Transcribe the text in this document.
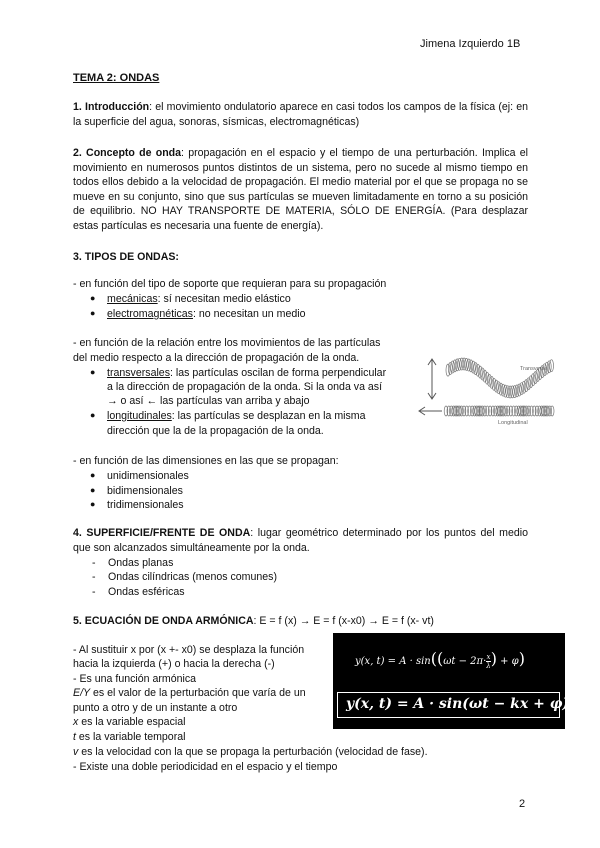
Jimena Izquierdo 1B
TEMA 2: ONDAS
1. Introducción: el movimiento ondulatorio aparece en casi todos los campos de la física (ej: en la superficie del agua, sonoras, sísmicas, electromagnéticas)
2. Concepto de onda: propagación en el espacio y el tiempo de una perturbación. Implica el movimiento en numerosos puntos distintos de un sistema, pero no sucede al mismo tiempo en todos ellos debido a la velocidad de propagación. El medio material por el que se propaga no se mueve en su conjunto, sino que sus partículas se mueven limitadamente en torno a su posición de equilibrio. NO HAY TRANSPORTE DE MATERIA, SÓLO DE ENERGÍA. (Para desplazar estas partículas es necesaria una fuente de energía).
3. TIPOS DE ONDAS:
- en función del tipo de soporte que requieran para su propagación
● mecánicas: sí necesitan medio elástico
● electromagnéticas: no necesitan un medio
- en función de la relación entre los movimientos de las partículas
del medio respecto a la dirección de propagación de la onda.
● transversales: las partículas oscilan de forma perpendicular
a la dirección de propagación de la onda. Si la onda va así
→ o así ← las partículas van arriba y abajo
● longitudinales: las partículas se desplazan en la misma
dirección que la de la propagación de la onda.
Transverse
Longitudinal
- en función de las dimensiones en las que se propagan:
● unidimensionales
● bidimensionales
● tridimensionales
4. SUPERFICIE/FRENTE DE ONDA: lugar geométrico determinado por los puntos del medio que son alcanzados simultáneamente por la onda.
- Ondas planas
- Ondas cilíndricas (menos comunes)
- Ondas esféricas
5. ECUACIÓN DE ONDA ARMÓNICA: E = f (x) → E = f (x-x0) → E = f (x- vt)
- Al sustituir x por (x +- x0) se desplaza la función
hacia la izquierda (+) o hacia la derecha (-)
- Es una función armónica
E/Y es el valor de la perturbación que varía de un
punto a otro y de un instante a otro
x es la variable espacial
t es la variable temporal
v es la velocidad con la que se propaga la perturbación (velocidad de fase).
- Existe una doble periodicidad en el espacio y el tiempo
y(x, $t) = A \cdot \sin((\omega t - 2\pi\cdot \frac{x}{\lambda}$ ) + φ)
y(x, t) = A · sin(ωt − kx + φ)
2
